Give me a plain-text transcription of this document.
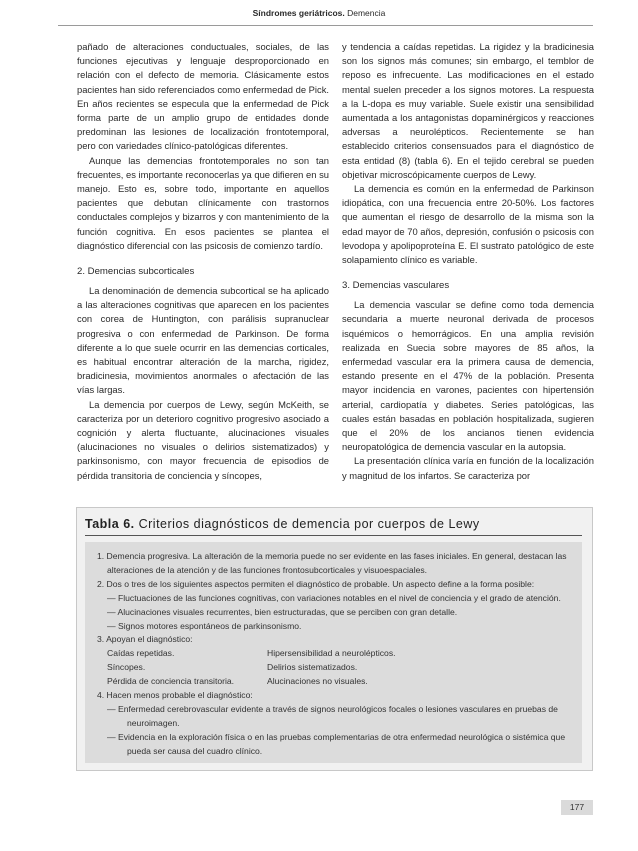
Síndromes geriátricos. Demencia

pañado de alteraciones conductuales, sociales, de las funciones ejecutivas y lenguaje desproporcionado en relación con el defecto de memoria. Clásicamente estos pacientes han sido referenciados como enfermedad de Pick. En años recientes se especula que la enfermedad de Pick forma parte de un amplio grupo de entidades donde predominan las lesiones de localización frontotemporal, pero con variedades clínico-patológicas diferentes.

Aunque las demencias frontotemporales no son tan frecuentes, es importante reconocerlas ya que difieren en su manejo. Esto es, sobre todo, importante en aquellos pacientes que debutan clínicamente con trastornos conductales complejos y bizarros y con mantenimiento de la función cognitiva. En esos pacientes se plantea el diagnóstico diferencial con las psicosis de comienzo tardío.

2. Demencias subcorticales

La denominación de demencia subcortical se ha aplicado a las alteraciones cognitivas que aparecen en los pacientes con corea de Huntington, con parálisis supranuclear progresiva o con enfermedad de Parkinson. De forma diferente a lo que suele ocurrir en las demencias corticales, es habitual encontrar alteración de la marcha, rigidez, bradicinesia, movimientos anormales o afectación de las vías largas.

La demencia por cuerpos de Lewy, según McKeith, se caracteriza por un deterioro cognitivo progresivo asociado a cognición y alerta fluctuante, alucinaciones visuales (alucinaciones no visuales o delirios sistematizados) y parkinsonismo, con mayor frecuencia de episodios de pérdida transitoria de conciencia y síncopes,

y tendencia a caídas repetidas. La rigidez y la bradicinesia son los signos más comunes; sin embargo, el temblor de reposo es infrecuente. Las modificaciones en el estado mental suelen preceder a los signos motores. La respuesta a la L-dopa es muy variable. Suele existir una sensibilidad aumentada a los antagonistas dopaminérgicos y reacciones adversas a neurolépticos. Recientemente se han establecido criterios consensuados para el diagnóstico de esta entidad (8) (tabla 6). En el tejido cerebral se pueden objetivar microscópicamente cuerpos de Lewy.

La demencia es común en la enfermedad de Parkinson idiopática, con una frecuencia entre 20-50%. Los factores que aumentan el riesgo de desarrollo de la misma son la edad mayor de 70 años, depresión, confusión o psicosis con levodopa y apolipoproteína E. El sustrato patológico de este solapamiento clínico es variable.

3. Demencias vasculares

La demencia vascular se define como toda demencia secundaria a muerte neuronal derivada de procesos isquémicos o hemorrágicos. En una amplia revisión realizada en Suecia sobre mayores de 85 años, la enfermedad vascular era la primera causa de demencia, estando presente en el 47% de la población. Presenta mayor incidencia en varones, pacientes con hipertensión arterial, cardiopatía y diabetes. Series patológicas, las cuales están basadas en población hospitalizada, sugieren que el 20% de los ancianos tienen evidencia neuropatológica de demencia vascular en la autopsia.

La presentación clínica varía en función de la localización y magnitud de los infartos. Se caracteriza por

Tabla 6. Criterios diagnósticos de demencia por cuerpos de Lewy

1. Demencia progresiva. La alteración de la memoria puede no ser evidente en las fases iniciales. En general, destacan las alteraciones de la atención y de las funciones frontosubcorticales y visuoespaciales.

2. Dos o tres de los siguientes aspectos permiten el diagnóstico de probable. Un aspecto define a la forma posible:

— Fluctuaciones de las funciones cognitivas, con variaciones notables en el nivel de conciencia y el grado de atención.

— Alucinaciones visuales recurrentes, bien estructuradas, que se perciben con gran detalle.

— Signos motores espontáneos de parkinsonismo.

3. Apoyan el diagnóstico:

Caídas repetidas.	Hipersensibilidad a neurolépticos.
Síncopes.	Delirios sistematizados.
Pérdida de conciencia transitoria.	Alucinaciones no visuales.

4. Hacen menos probable el diagnóstico:

— Enfermedad cerebrovascular evidente a través de signos neurológicos focales o lesiones vasculares en pruebas de neuroimagen.

— Evidencia en la exploración física o en las pruebas complementarias de otra enfermedad neurológica o sistémica que pueda ser causa del cuadro clínico.

177
